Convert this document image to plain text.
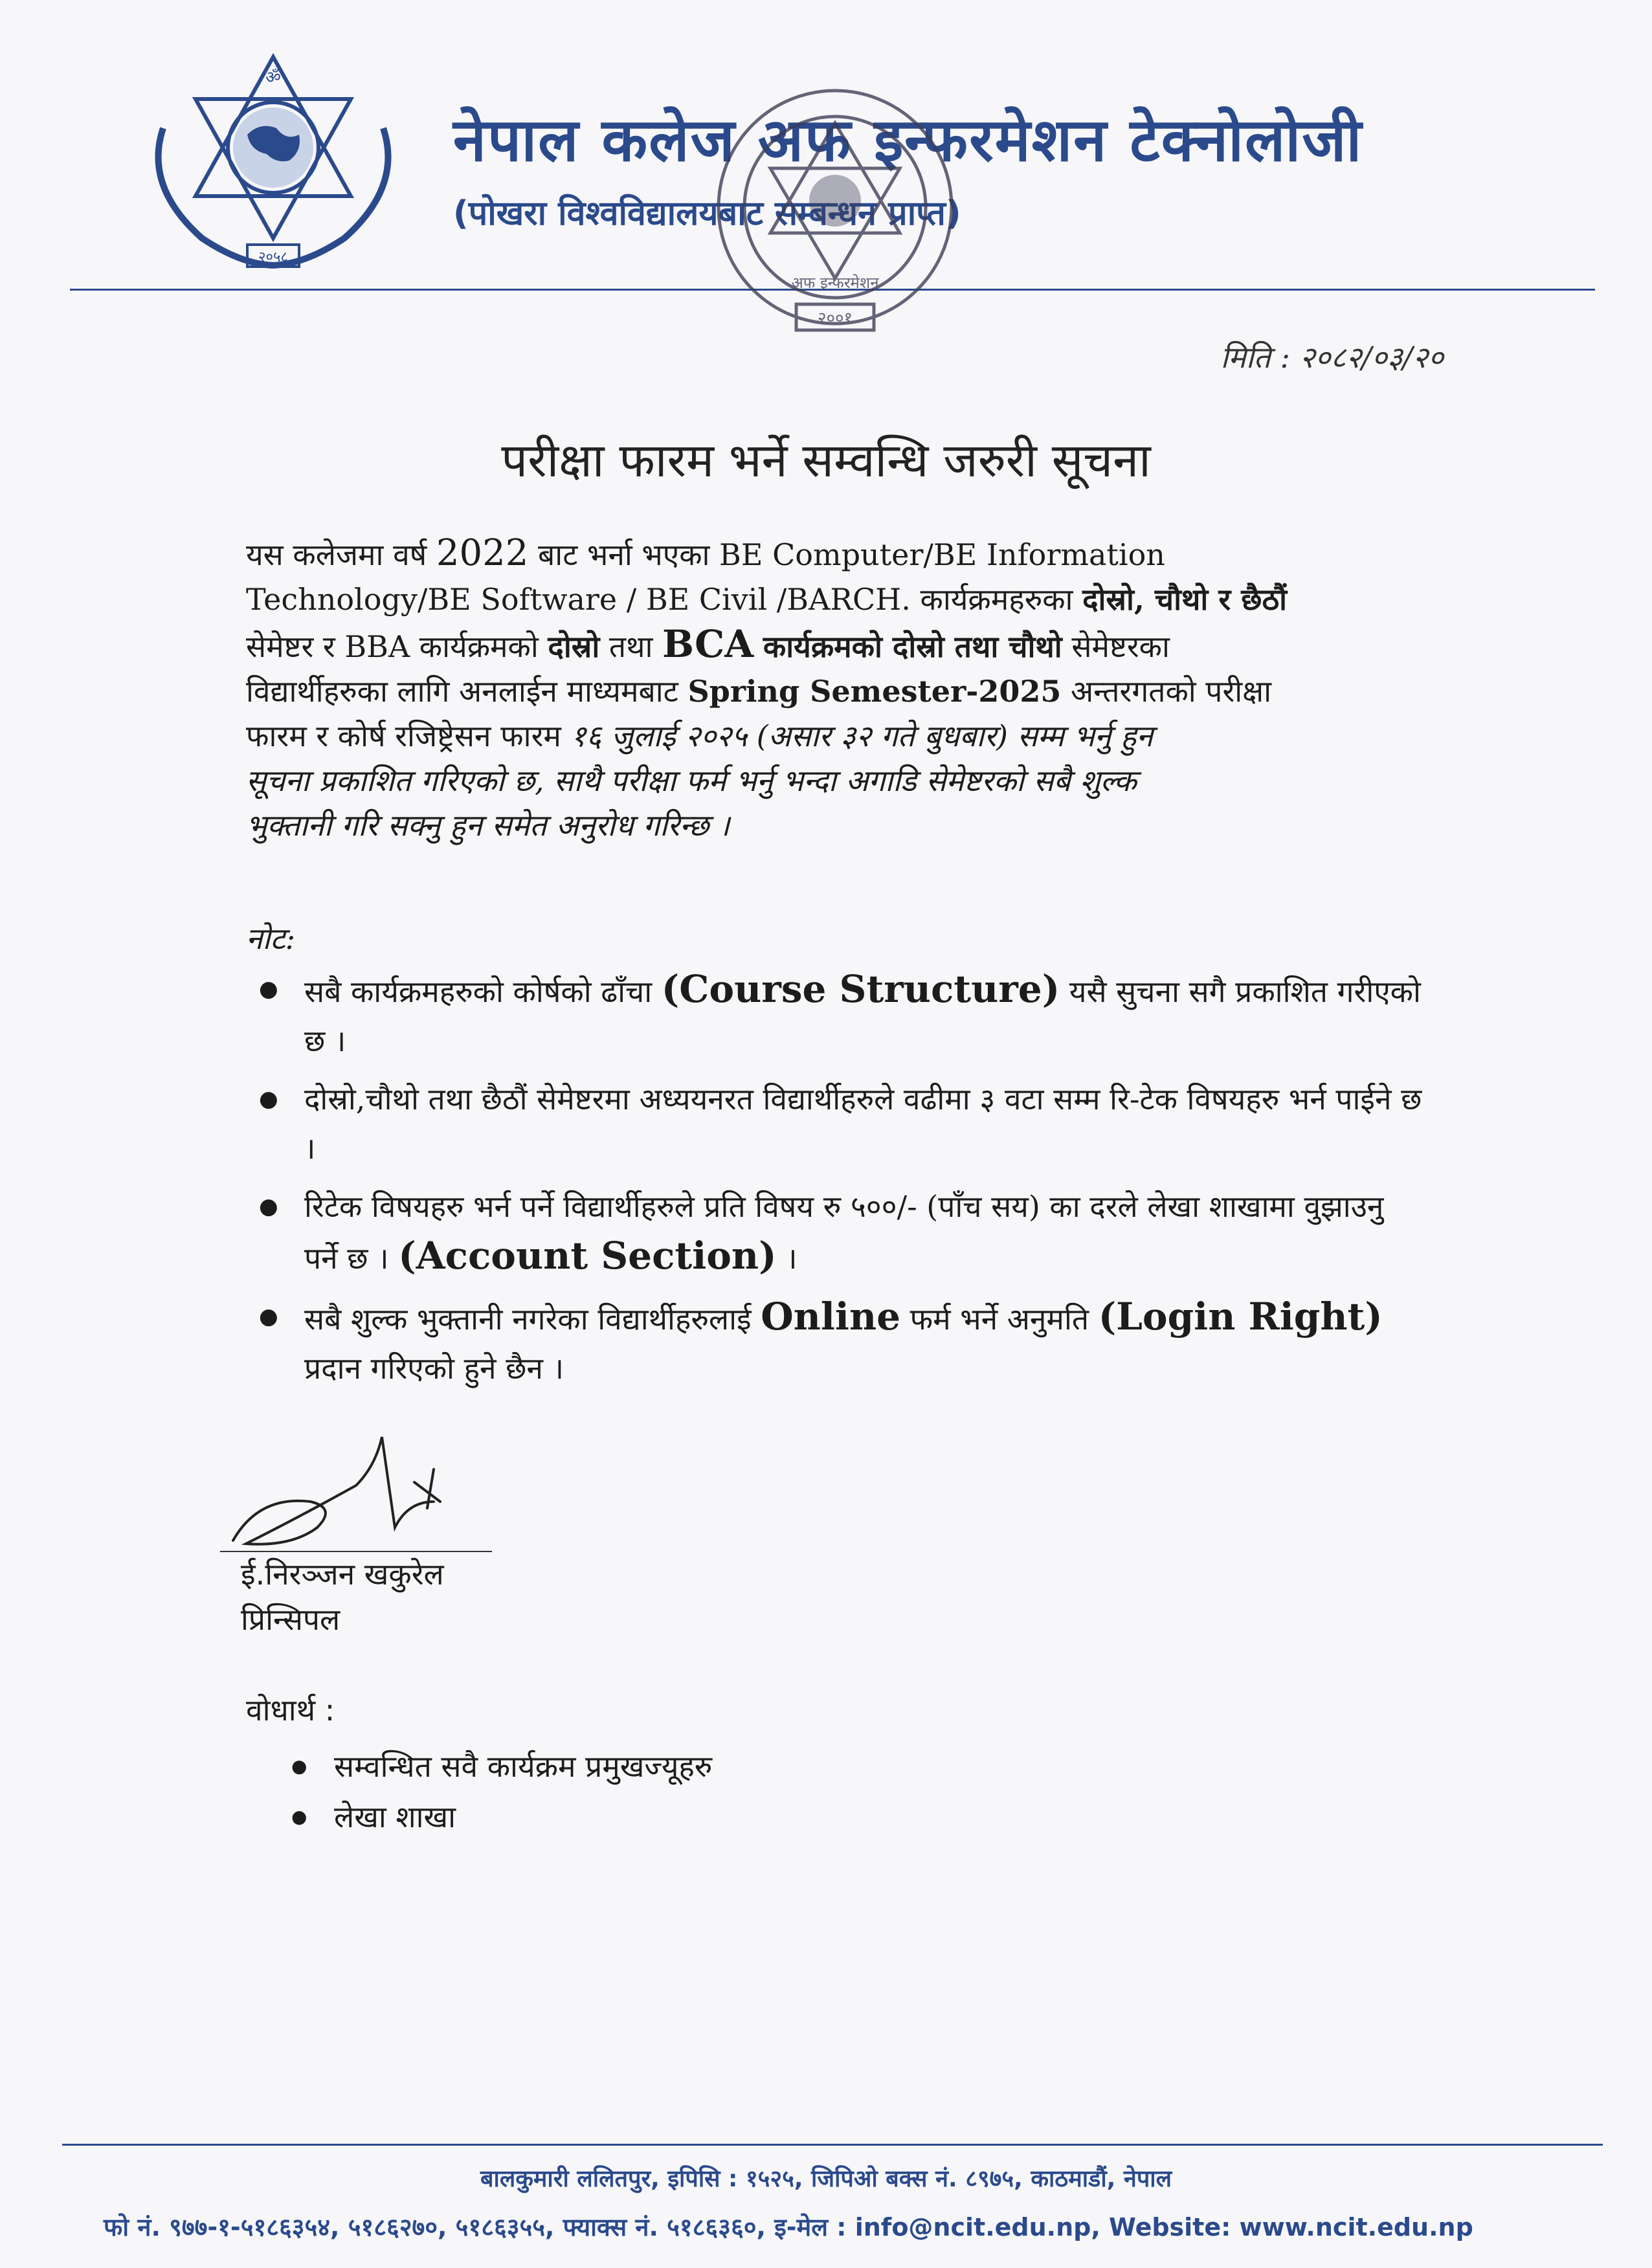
ॐ
२०५८
नेपाल कलेज अफ इन्फरमेशन टेक्नोलोजी
(पोखरा विश्वविद्यालयबाट सम्बन्धन प्राप्त)
२००१
अफ इन्फरमेशन
मिति : २०८२/०३/२०
परीक्षा फारम भर्ने सम्वन्धि जरुरी सूचना
यस कलेजमा वर्ष 2022 बाट भर्ना भएका BE Computer/BE Information
Technology/BE Software / BE Civil /BARCH. कार्यक्रमहरुका दोस्रो, चौथो र छैठौं
सेमेष्टर र BBA कार्यक्रमको दोस्रो तथा BCA कार्यक्रमको दोस्रो तथा चौथो सेमेष्टरका
विद्यार्थीहरुका लागि अनलाईन माध्यमबाट Spring Semester-2025 अन्तरगतको परीक्षा
फारम र कोर्ष रजिष्ट्रेसन फारम १६ जुलाई २०२५ (असार ३२ गते बुधबार) सम्म भर्नु हुन
सूचना प्रकाशित गरिएको छ, साथै परीक्षा फर्म भर्नु भन्दा अगाडि सेमेष्टरको सबै शुल्क
भुक्तानी गरि सक्नु हुन समेत अनुरोध गरिन्छ ।
नोट:
● सबै कार्यक्रमहरुको कोर्षको ढाँचा (Course Structure) यसै सुचना सगै प्रकाशित गरीएको छ ।
● दोस्रो,चौथो तथा छैठौं सेमेष्टरमा अध्ययनरत विद्यार्थीहरुले वढीमा ३ वटा सम्म रि-टेक विषयहरु भर्न पाईने छ ।
● रिटेक विषयहरु भर्न पर्ने विद्यार्थीहरुले प्रति विषय रु ५००/- (पाँच सय) का दरले लेखा शाखामा वुझाउनु पर्ने छ । (Account Section) ।
● सबै शुल्क भुक्तानी नगरेका विद्यार्थीहरुलाई Online फर्म भर्ने अनुमति (Login Right) प्रदान गरिएको हुने छैन ।
ई.निरञ्जन खकुरेल
प्रिन्सिपल
वोधार्थ :
● सम्वन्धित सवै कार्यक्रम प्रमुखज्यूहरु
● लेखा शाखा
बालकुमारी ललितपुर, इपिसि : १५२५, जिपिओ बक्स नं. ८९७५, काठमाडौं, नेपाल
फो नं. ९७७-१-५१८६३५४, ५१८६२७०, ५१८६३५५, फ्याक्स नं. ५१८६३६०, इ-मेल : info@ncit.edu.np, Website: www.ncit.edu.np
